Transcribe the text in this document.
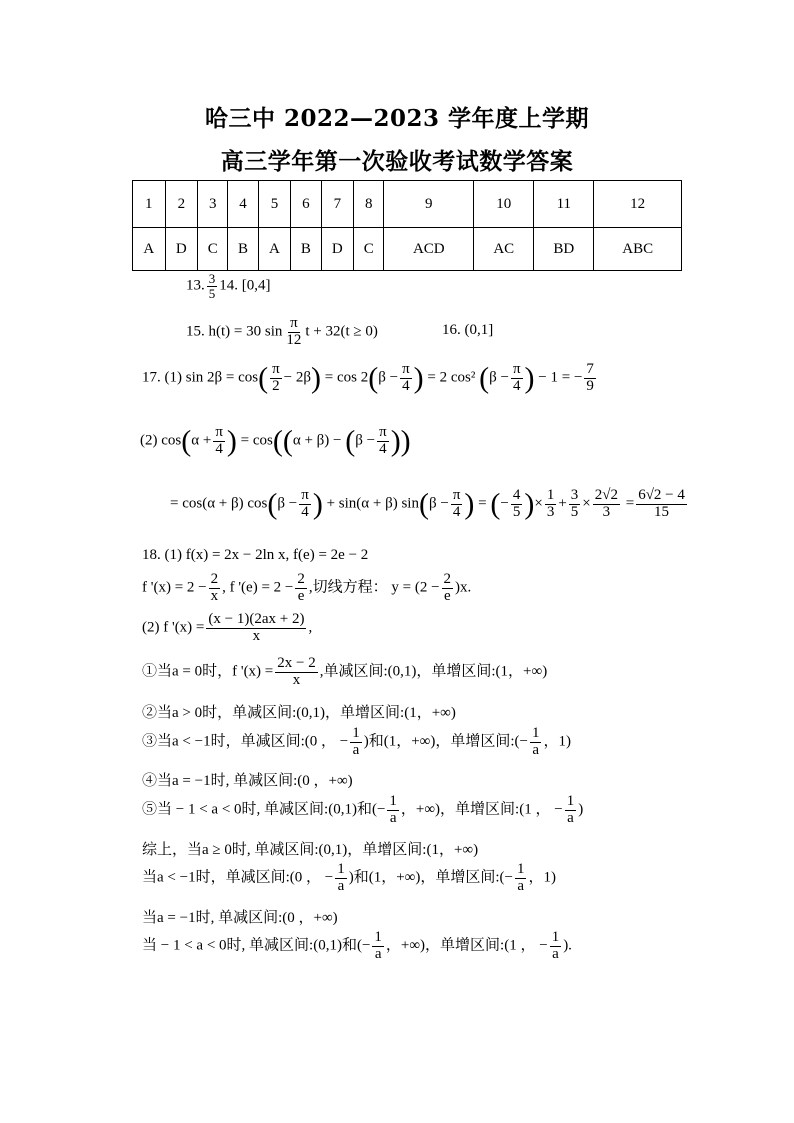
哈三中 2022—2023 学年度上学期
高三学年第一次验收考试数学答案
1	2	3	4	5	6	7	8	9	10	11	12
A	D	C	B	A	B	D	C	ACD	AC	BD	ABC
13. $\frac{3}{5} 14$. [0,4]
15. h(t) = 30 $\sin \frac{\pi}{12}$ t + 32(t ≥ 0)	16. (0,1]
17. (1) $\sin 2\beta = \cos( \frac{\pi}{2} - 2\beta) = \cos 2(\beta - \frac{\pi}{4}$ ) = 2 cos² ($\beta - \frac{\pi}{4}$ ) − 1 = − $\frac{7}{9}$
(2) $\cos(\alpha + \frac{\pi}{4}$ ) = $\cos((\alpha + \beta) - (\beta - \frac{\pi}{4}$ ))
= cos(α + β) $\cos(\beta - \frac{\pi}{4}$ ) + sin(α + β) $\sin(\beta - \frac{\pi}{4}$ ) = (− $\frac{4}{5}$ )× $\frac{1}{3} + \frac{3}{5} \times \frac{2√2}{3} = \frac{6√2 - 4}{15}$
18. (1) f(x) = 2x − 2ln x, f(e) = 2e − 2
f '$(x) = 2 - \frac{2}{x}$ , f '$(e) = 2 - \frac{2}{e}$ ,切线方程： $y = (2 - \frac{2}{e} )x$.
(2) f '$(x) = \frac{(x - 1)(2ax + 2)}{x}$ ,
①当a = 0时，f '$(x) = \frac{2x - 2}{x}$ ,单减区间:(0,1)，单增区间:(1，+∞)
②当a > 0时，单减区间:(0,1)，单增区间:(1，+∞)
③当a < −1时，单减区间:(0 ， − $\frac{1}{a}$ )和(1，+∞)，单增区间:(− $\frac{1}{a}$ ，1)
④当a = −1时, 单减区间:(0 ，+∞)
⑤当 − 1 < a < 0时, 单减区间:(0,1)和(− $\frac{1}{a}$ ，+∞)，单增区间:(1 ， − $\frac{1}{a}$ )
综上，当a ≥ 0时, 单减区间:(0,1)，单增区间:(1，+∞)
当a < −1时，单减区间:(0 ， − $\frac{1}{a}$ )和(1，+∞)，单增区间:(− $\frac{1}{a}$ ，1)
当a = −1时, 单减区间:(0 ，+∞)
当 − 1 < a < 0时, 单减区间:(0,1)和(− $\frac{1}{a}$ ，+∞)，单增区间:(1 ， − $\frac{1}{a}$ ).
